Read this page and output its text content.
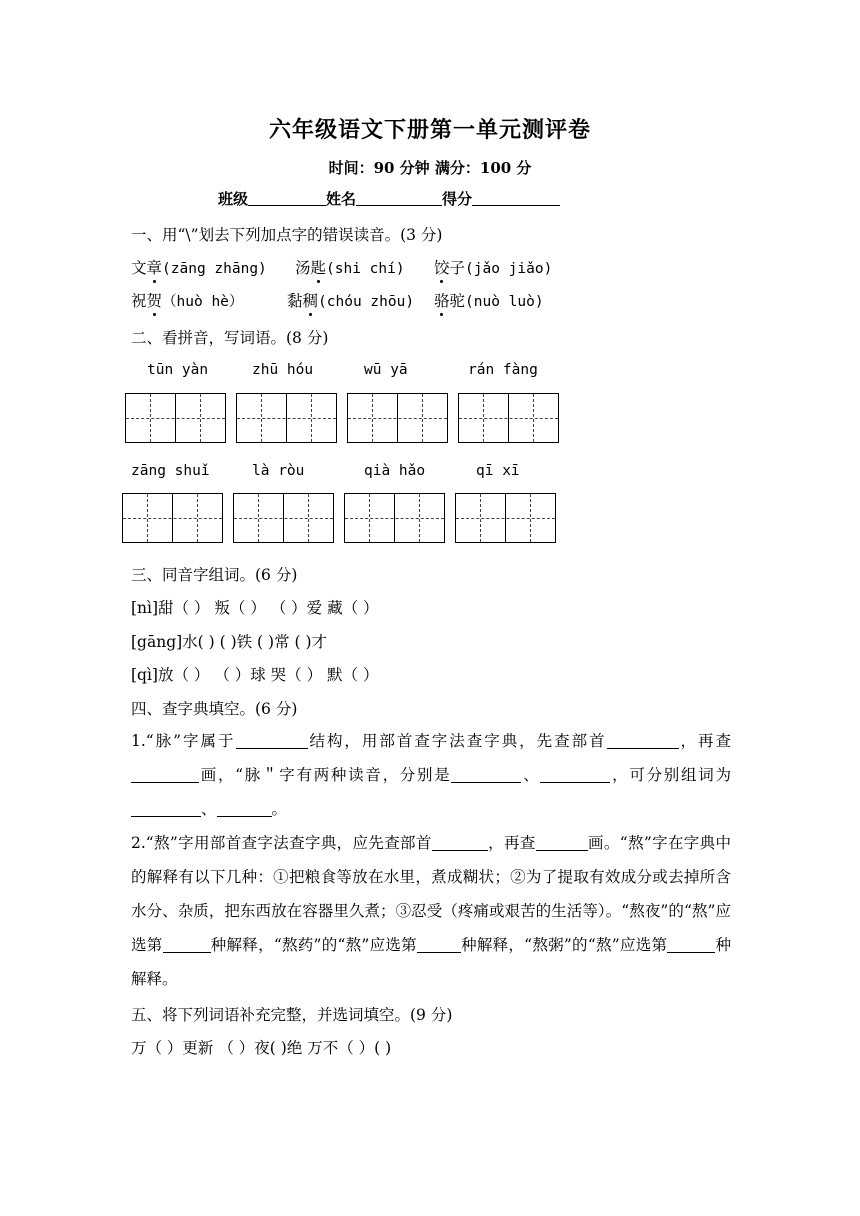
六年级语文下册第一单元测评卷
时间：90 分钟 满分：100 分
班级	姓名	得分
一、用“\”划去下列加点字的错误读音。(3 分)
文章(zāng zhāng) 汤匙(shi chí) 饺子(jǎo jiǎo)
祝贺（huò hè）	黏稠(chóu zhōu) 骆驼(nuò luò)
二、看拼音，写词语。(8 分)
tūn yàn	zhū hóu	wū yā	rán fàng
zāng shuǐ	là ròu	qià hǎo	qī xī
三、同音字组词。(6 分)
[nì]甜（ ） 叛（ ） （ ）爱 藏（ ）
[gāng]水( ) ( )铁 ( )常 ( )才
[qì]放（ ） （ ）球 哭（ ） 默（ ）
四、查字典填空。(6 分)
1.“脉”字属于	结构，用部首查字法查字典，先查部首	，再查画，“脉＂字有两种读音，分别是	、	，可分别组词为、	。
2.“熬”字用部首查字法查字典，应先查部首	，再查	画。“熬”字在字典中的解释有以下几种：①把粮食等放在水里，煮成糊状；②为了提取有效成分或去掉所含水分、杂质，把东西放在容器里久煮；③忍受（疼痛或艰苦的生活等）。“熬夜”的“熬”应选第	种解释，“熬药”的“熬”应选第	种解释，“熬粥”的“熬”应选第	种解释。
五、将下列词语补充完整，并选词填空。(9 分)
万（ ）更新 （ ）夜( )绝 万不（ ）( )
